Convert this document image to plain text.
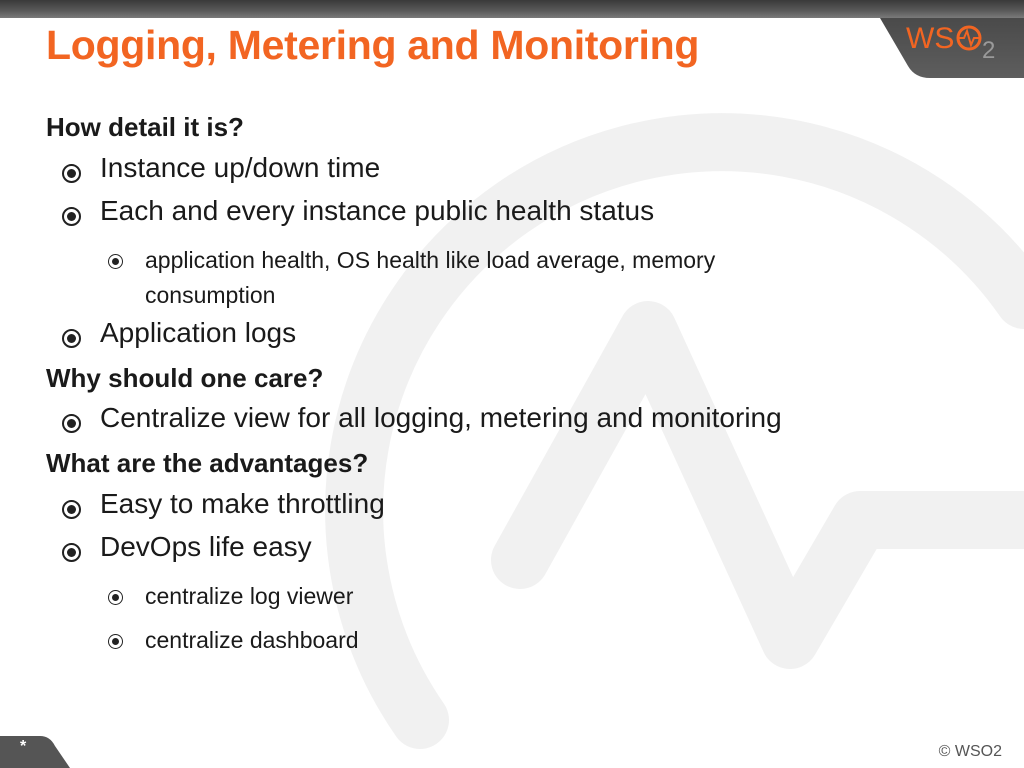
WS 2
Logging, Metering and Monitoring
How detail it is?
Instance up/down time
Each and every instance public health status
application health, OS health like load average, memory
consumption
Application logs
Why should one care?
Centralize view for all logging, metering and monitoring
What are the advantages?
Easy to make throttling
DevOps life easy
centralize log viewer
centralize dashboard
*	© WSO2
